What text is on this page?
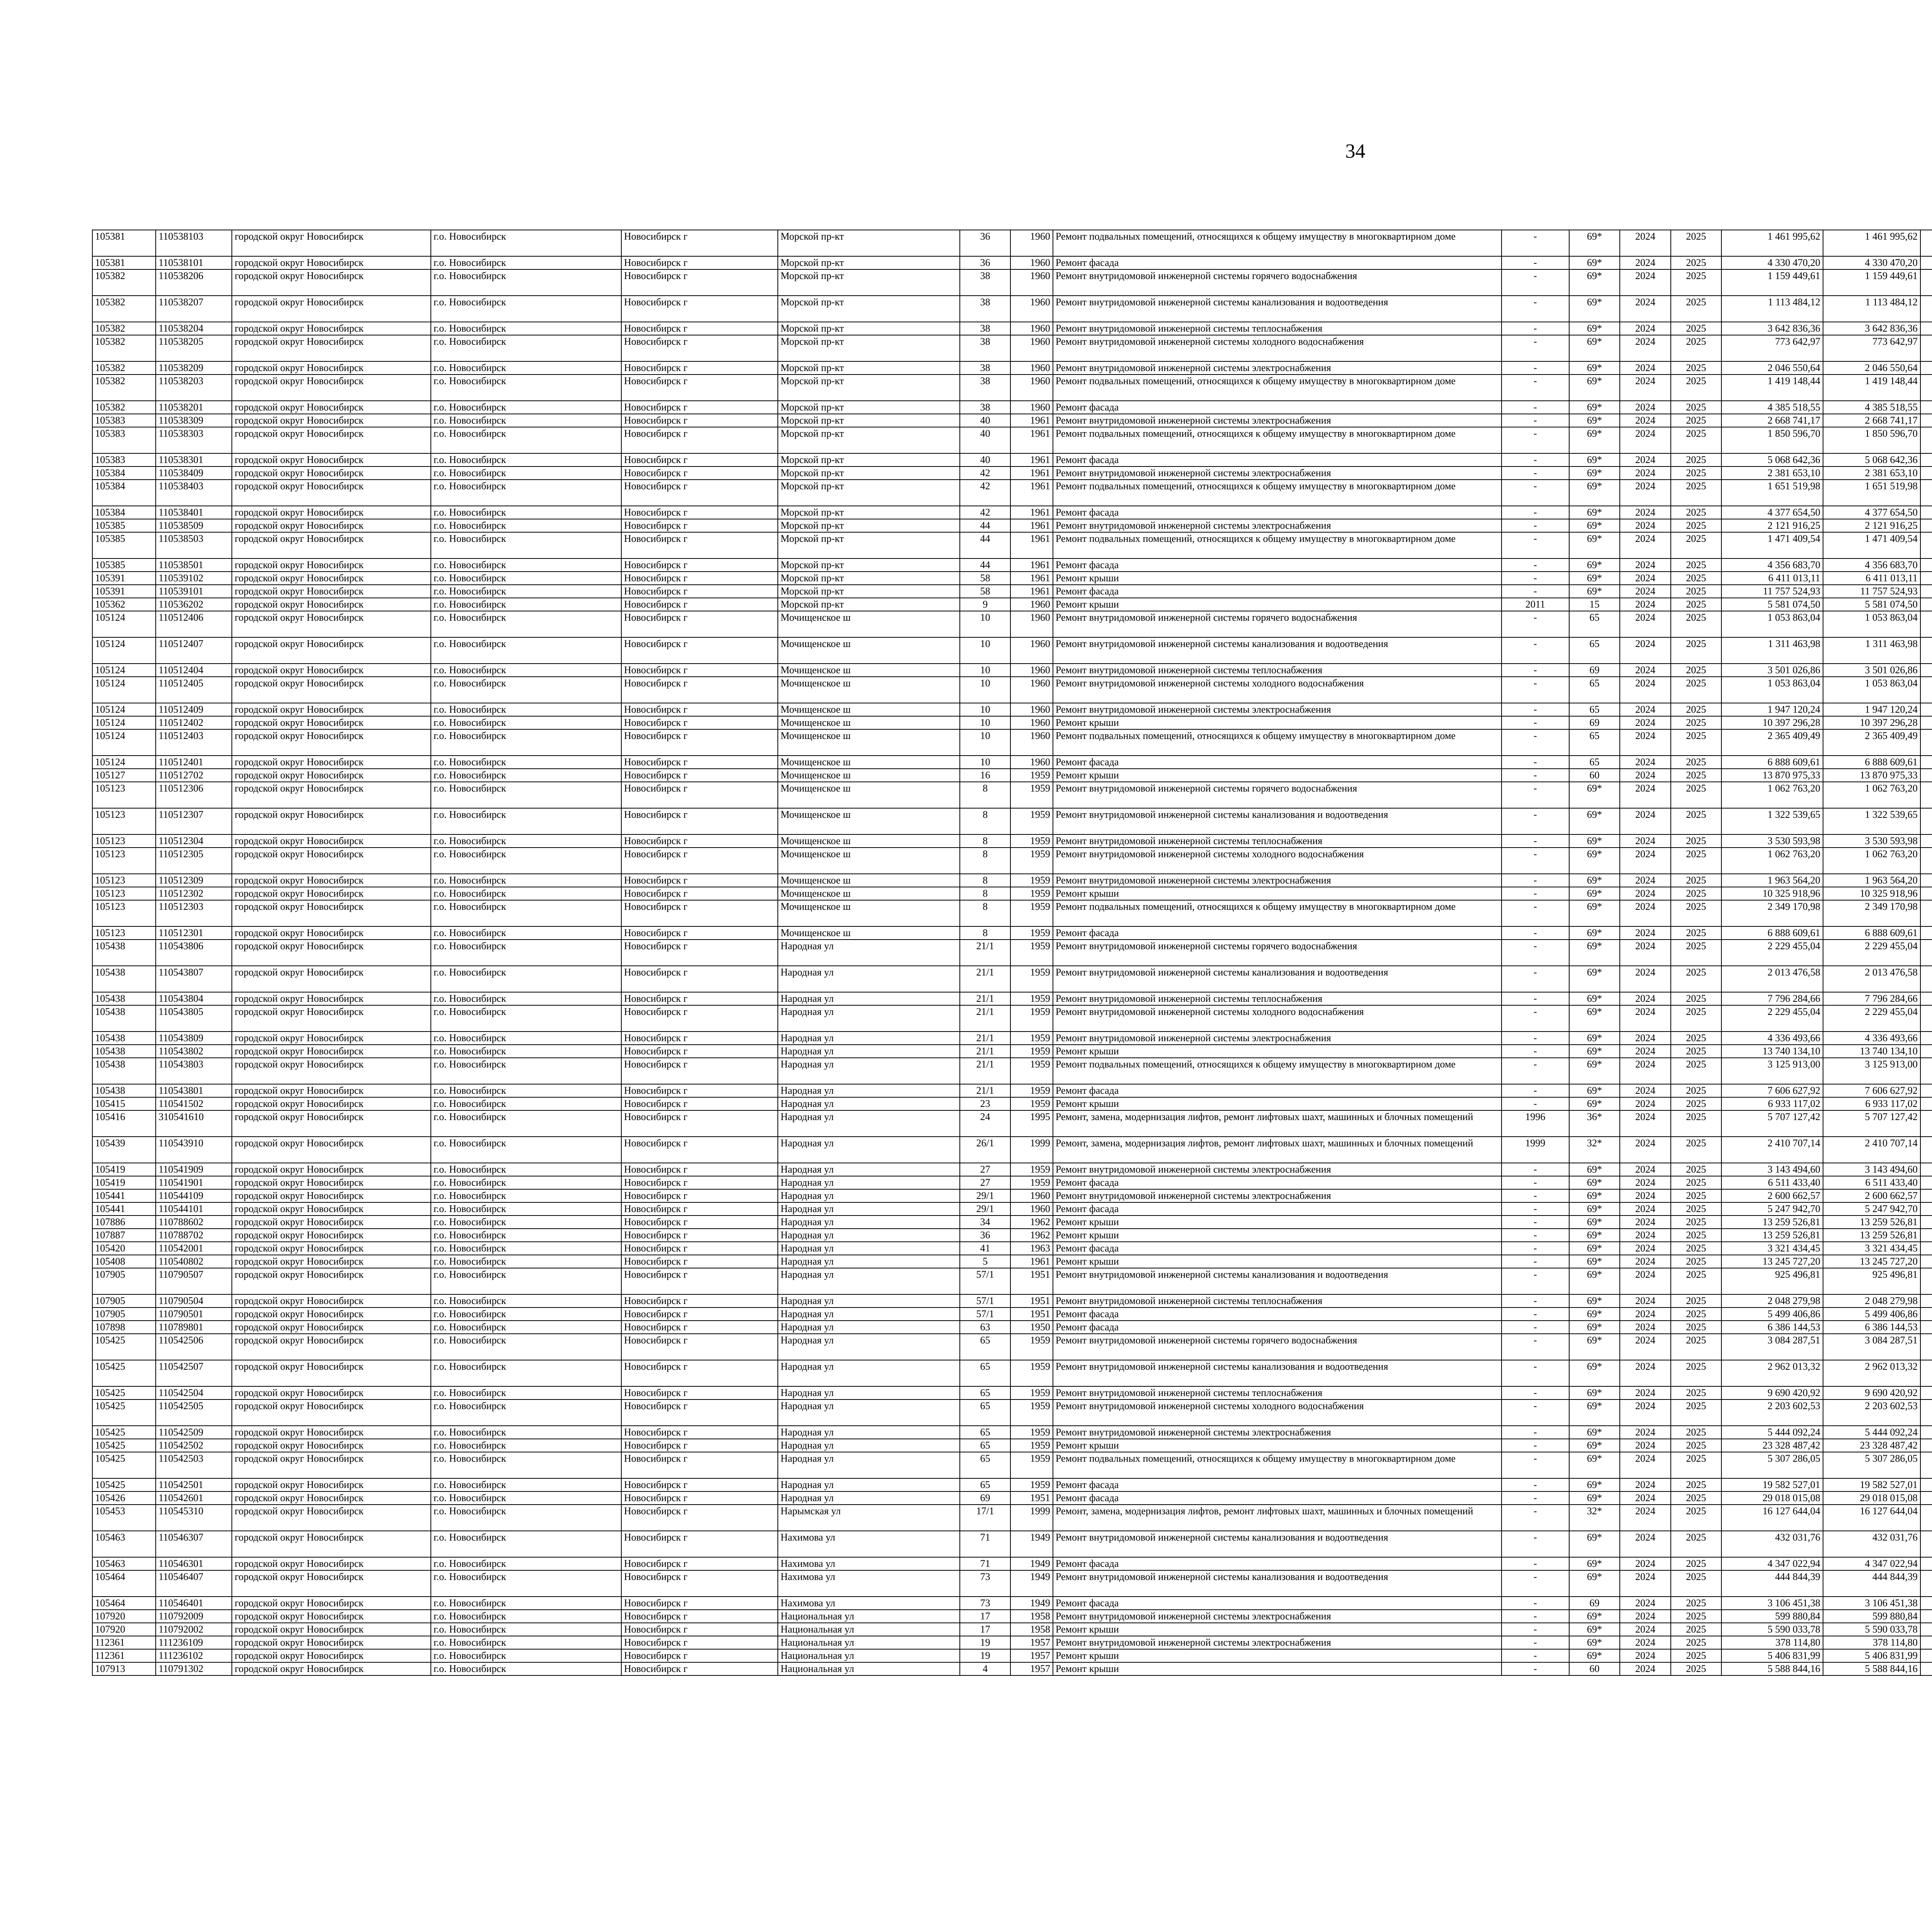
34
105381	110538103	городской округ Новосибирск	г.о. Новосибирск	Новосибирск г	Морской пр-кт	36	1960	Ремонт подвальных помещений, относящихся к общему имуществу в многоквартирном доме	-	69*	2024	2025	1 461 995,62	1 461 995,62						
105381	110538101	городской округ Новосибирск	г.о. Новосибирск	Новосибирск г	Морской пр-кт	36	1960	Ремонт фасада	-	69*	2024	2025	4 330 470,20	4 330 470,20						
105382	110538206	городской округ Новосибирск	г.о. Новосибирск	Новосибирск г	Морской пр-кт	38	1960	Ремонт внутридомовой инженерной системы горячего водоснабжения	-	69*	2024	2025	1 159 449,61	1 159 449,61						
105382	110538207	городской округ Новосибирск	г.о. Новосибирск	Новосибирск г	Морской пр-кт	38	1960	Ремонт внутридомовой инженерной системы канализования и водоотведения	-	69*	2024	2025	1 113 484,12	1 113 484,12						
105382	110538204	городской округ Новосибирск	г.о. Новосибирск	Новосибирск г	Морской пр-кт	38	1960	Ремонт внутридомовой инженерной системы теплоснабжения	-	69*	2024	2025	3 642 836,36	3 642 836,36						
105382	110538205	городской округ Новосибирск	г.о. Новосибирск	Новосибирск г	Морской пр-кт	38	1960	Ремонт внутридомовой инженерной системы холодного водоснабжения	-	69*	2024	2025	773 642,97	773 642,97						
105382	110538209	городской округ Новосибирск	г.о. Новосибирск	Новосибирск г	Морской пр-кт	38	1960	Ремонт внутридомовой инженерной системы электроснабжения	-	69*	2024	2025	2 046 550,64	2 046 550,64						
105382	110538203	городской округ Новосибирск	г.о. Новосибирск	Новосибирск г	Морской пр-кт	38	1960	Ремонт подвальных помещений, относящихся к общему имуществу в многоквартирном доме	-	69*	2024	2025	1 419 148,44	1 419 148,44						
105382	110538201	городской округ Новосибирск	г.о. Новосибирск	Новосибирск г	Морской пр-кт	38	1960	Ремонт фасада	-	69*	2024	2025	4 385 518,55	4 385 518,55						
105383	110538309	городской округ Новосибирск	г.о. Новосибирск	Новосибирск г	Морской пр-кт	40	1961	Ремонт внутридомовой инженерной системы электроснабжения	-	69*	2024	2025	2 668 741,17	2 668 741,17						
105383	110538303	городской округ Новосибирск	г.о. Новосибирск	Новосибирск г	Морской пр-кт	40	1961	Ремонт подвальных помещений, относящихся к общему имуществу в многоквартирном доме	-	69*	2024	2025	1 850 596,70	1 850 596,70						
105383	110538301	городской округ Новосибирск	г.о. Новосибирск	Новосибирск г	Морской пр-кт	40	1961	Ремонт фасада	-	69*	2024	2025	5 068 642,36	5 068 642,36						
105384	110538409	городской округ Новосибирск	г.о. Новосибирск	Новосибирск г	Морской пр-кт	42	1961	Ремонт внутридомовой инженерной системы электроснабжения	-	69*	2024	2025	2 381 653,10	2 381 653,10						
105384	110538403	городской округ Новосибирск	г.о. Новосибирск	Новосибирск г	Морской пр-кт	42	1961	Ремонт подвальных помещений, относящихся к общему имуществу в многоквартирном доме	-	69*	2024	2025	1 651 519,98	1 651 519,98						
105384	110538401	городской округ Новосибирск	г.о. Новосибирск	Новосибирск г	Морской пр-кт	42	1961	Ремонт фасада	-	69*	2024	2025	4 377 654,50	4 377 654,50						
105385	110538509	городской округ Новосибирск	г.о. Новосибирск	Новосибирск г	Морской пр-кт	44	1961	Ремонт внутридомовой инженерной системы электроснабжения	-	69*	2024	2025	2 121 916,25	2 121 916,25						
105385	110538503	городской округ Новосибирск	г.о. Новосибирск	Новосибирск г	Морской пр-кт	44	1961	Ремонт подвальных помещений, относящихся к общему имуществу в многоквартирном доме	-	69*	2024	2025	1 471 409,54	1 471 409,54						
105385	110538501	городской округ Новосибирск	г.о. Новосибирск	Новосибирск г	Морской пр-кт	44	1961	Ремонт фасада	-	69*	2024	2025	4 356 683,70	4 356 683,70						
105391	110539102	городской округ Новосибирск	г.о. Новосибирск	Новосибирск г	Морской пр-кт	58	1961	Ремонт крыши	-	69*	2024	2025	6 411 013,11	6 411 013,11						
105391	110539101	городской округ Новосибирск	г.о. Новосибирск	Новосибирск г	Морской пр-кт	58	1961	Ремонт фасада	-	69*	2024	2025	11 757 524,93	11 757 524,93						
105362	110536202	городской округ Новосибирск	г.о. Новосибирск	Новосибирск г	Морской пр-кт	9	1960	Ремонт крыши	2011	15	2024	2025	5 581 074,50	5 581 074,50						
105124	110512406	городской округ Новосибирск	г.о. Новосибирск	Новосибирск г	Мочищенское ш	10	1960	Ремонт внутридомовой инженерной системы горячего водоснабжения	-	65	2024	2025	1 053 863,04	1 053 863,04						
105124	110512407	городской округ Новосибирск	г.о. Новосибирск	Новосибирск г	Мочищенское ш	10	1960	Ремонт внутридомовой инженерной системы канализования и водоотведения	-	65	2024	2025	1 311 463,98	1 311 463,98						
105124	110512404	городской округ Новосибирск	г.о. Новосибирск	Новосибирск г	Мочищенское ш	10	1960	Ремонт внутридомовой инженерной системы теплоснабжения	-	69	2024	2025	3 501 026,86	3 501 026,86						
105124	110512405	городской округ Новосибирск	г.о. Новосибирск	Новосибирск г	Мочищенское ш	10	1960	Ремонт внутридомовой инженерной системы холодного водоснабжения	-	65	2024	2025	1 053 863,04	1 053 863,04						
105124	110512409	городской округ Новосибирск	г.о. Новосибирск	Новосибирск г	Мочищенское ш	10	1960	Ремонт внутридомовой инженерной системы электроснабжения	-	65	2024	2025	1 947 120,24	1 947 120,24						
105124	110512402	городской округ Новосибирск	г.о. Новосибирск	Новосибирск г	Мочищенское ш	10	1960	Ремонт крыши	-	69	2024	2025	10 397 296,28	10 397 296,28						
105124	110512403	городской округ Новосибирск	г.о. Новосибирск	Новосибирск г	Мочищенское ш	10	1960	Ремонт подвальных помещений, относящихся к общему имуществу в многоквартирном доме	-	65	2024	2025	2 365 409,49	2 365 409,49						
105124	110512401	городской округ Новосибирск	г.о. Новосибирск	Новосибирск г	Мочищенское ш	10	1960	Ремонт фасада	-	65	2024	2025	6 888 609,61	6 888 609,61						
105127	110512702	городской округ Новосибирск	г.о. Новосибирск	Новосибирск г	Мочищенское ш	16	1959	Ремонт крыши	-	60	2024	2025	13 870 975,33	13 870 975,33						
105123	110512306	городской округ Новосибирск	г.о. Новосибирск	Новосибирск г	Мочищенское ш	8	1959	Ремонт внутридомовой инженерной системы горячего водоснабжения	-	69*	2024	2025	1 062 763,20	1 062 763,20						
105123	110512307	городской округ Новосибирск	г.о. Новосибирск	Новосибирск г	Мочищенское ш	8	1959	Ремонт внутридомовой инженерной системы канализования и водоотведения	-	69*	2024	2025	1 322 539,65	1 322 539,65						
105123	110512304	городской округ Новосибирск	г.о. Новосибирск	Новосибирск г	Мочищенское ш	8	1959	Ремонт внутридомовой инженерной системы теплоснабжения	-	69*	2024	2025	3 530 593,98	3 530 593,98						
105123	110512305	городской округ Новосибирск	г.о. Новосибирск	Новосибирск г	Мочищенское ш	8	1959	Ремонт внутридомовой инженерной системы холодного водоснабжения	-	69*	2024	2025	1 062 763,20	1 062 763,20						
105123	110512309	городской округ Новосибирск	г.о. Новосибирск	Новосибирск г	Мочищенское ш	8	1959	Ремонт внутридомовой инженерной системы электроснабжения	-	69*	2024	2025	1 963 564,20	1 963 564,20						
105123	110512302	городской округ Новосибирск	г.о. Новосибирск	Новосибирск г	Мочищенское ш	8	1959	Ремонт крыши	-	69*	2024	2025	10 325 918,96	10 325 918,96						
105123	110512303	городской округ Новосибирск	г.о. Новосибирск	Новосибирск г	Мочищенское ш	8	1959	Ремонт подвальных помещений, относящихся к общему имуществу в многоквартирном доме	-	69*	2024	2025	2 349 170,98	2 349 170,98						
105123	110512301	городской округ Новосибирск	г.о. Новосибирск	Новосибирск г	Мочищенское ш	8	1959	Ремонт фасада	-	69*	2024	2025	6 888 609,61	6 888 609,61						
105438	110543806	городской округ Новосибирск	г.о. Новосибирск	Новосибирск г	Народная ул	21/1	1959	Ремонт внутридомовой инженерной системы горячего водоснабжения	-	69*	2024	2025	2 229 455,04	2 229 455,04						
105438	110543807	городской округ Новосибирск	г.о. Новосибирск	Новосибирск г	Народная ул	21/1	1959	Ремонт внутридомовой инженерной системы канализования и водоотведения	-	69*	2024	2025	2 013 476,58	2 013 476,58						
105438	110543804	городской округ Новосибирск	г.о. Новосибирск	Новосибирск г	Народная ул	21/1	1959	Ремонт внутридомовой инженерной системы теплоснабжения	-	69*	2024	2025	7 796 284,66	7 796 284,66						
105438	110543805	городской округ Новосибирск	г.о. Новосибирск	Новосибирск г	Народная ул	21/1	1959	Ремонт внутридомовой инженерной системы холодного водоснабжения	-	69*	2024	2025	2 229 455,04	2 229 455,04						
105438	110543809	городской округ Новосибирск	г.о. Новосибирск	Новосибирск г	Народная ул	21/1	1959	Ремонт внутридомовой инженерной системы электроснабжения	-	69*	2024	2025	4 336 493,66	4 336 493,66						
105438	110543802	городской округ Новосибирск	г.о. Новосибирск	Новосибирск г	Народная ул	21/1	1959	Ремонт крыши	-	69*	2024	2025	13 740 134,10	13 740 134,10						
105438	110543803	городской округ Новосибирск	г.о. Новосибирск	Новосибирск г	Народная ул	21/1	1959	Ремонт подвальных помещений, относящихся к общему имуществу в многоквартирном доме	-	69*	2024	2025	3 125 913,00	3 125 913,00						
105438	110543801	городской округ Новосибирск	г.о. Новосибирск	Новосибирск г	Народная ул	21/1	1959	Ремонт фасада	-	69*	2024	2025	7 606 627,92	7 606 627,92						
105415	110541502	городской округ Новосибирск	г.о. Новосибирск	Новосибирск г	Народная ул	23	1959	Ремонт крыши	-	69*	2024	2025	6 933 117,02	6 933 117,02						
105416	310541610	городской округ Новосибирск	г.о. Новосибирск	Новосибирск г	Народная ул	24	1995	Ремонт, замена, модернизация лифтов, ремонт лифтовых шахт, машинных и блочных помещений	1996	36*	2024	2025	5 707 127,42	5 707 127,42						
105439	110543910	городской округ Новосибирск	г.о. Новосибирск	Новосибирск г	Народная ул	26/1	1999	Ремонт, замена, модернизация лифтов, ремонт лифтовых шахт, машинных и блочных помещений	1999	32*	2024	2025	2 410 707,14	2 410 707,14						
105419	110541909	городской округ Новосибирск	г.о. Новосибирск	Новосибирск г	Народная ул	27	1959	Ремонт внутридомовой инженерной системы электроснабжения	-	69*	2024	2025	3 143 494,60	3 143 494,60						
105419	110541901	городской округ Новосибирск	г.о. Новосибирск	Новосибирск г	Народная ул	27	1959	Ремонт фасада	-	69*	2024	2025	6 511 433,40	6 511 433,40						
105441	110544109	городской округ Новосибирск	г.о. Новосибирск	Новосибирск г	Народная ул	29/1	1960	Ремонт внутридомовой инженерной системы электроснабжения	-	69*	2024	2025	2 600 662,57	2 600 662,57						
105441	110544101	городской округ Новосибирск	г.о. Новосибирск	Новосибирск г	Народная ул	29/1	1960	Ремонт фасада	-	69*	2024	2025	5 247 942,70	5 247 942,70						
107886	110788602	городской округ Новосибирск	г.о. Новосибирск	Новосибирск г	Народная ул	34	1962	Ремонт крыши	-	69*	2024	2025	13 259 526,81	13 259 526,81						
107887	110788702	городской округ Новосибирск	г.о. Новосибирск	Новосибирск г	Народная ул	36	1962	Ремонт крыши	-	69*	2024	2025	13 259 526,81	13 259 526,81						
105420	110542001	городской округ Новосибирск	г.о. Новосибирск	Новосибирск г	Народная ул	41	1963	Ремонт фасада	-	69*	2024	2025	3 321 434,45	3 321 434,45						
105408	110540802	городской округ Новосибирск	г.о. Новосибирск	Новосибирск г	Народная ул	5	1961	Ремонт крыши	-	69*	2024	2025	13 245 727,20	13 245 727,20						
107905	110790507	городской округ Новосибирск	г.о. Новосибирск	Новосибирск г	Народная ул	57/1	1951	Ремонт внутридомовой инженерной системы канализования и водоотведения	-	69*	2024	2025	925 496,81	925 496,81						
107905	110790504	городской округ Новосибирск	г.о. Новосибирск	Новосибирск г	Народная ул	57/1	1951	Ремонт внутридомовой инженерной системы теплоснабжения	-	69*	2024	2025	2 048 279,98	2 048 279,98						
107905	110790501	городской округ Новосибирск	г.о. Новосибирск	Новосибирск г	Народная ул	57/1	1951	Ремонт фасада	-	69*	2024	2025	5 499 406,86	5 499 406,86						
107898	110789801	городской округ Новосибирск	г.о. Новосибирск	Новосибирск г	Народная ул	63	1950	Ремонт фасада	-	69*	2024	2025	6 386 144,53	6 386 144,53						
105425	110542506	городской округ Новосибирск	г.о. Новосибирск	Новосибирск г	Народная ул	65	1959	Ремонт внутридомовой инженерной системы горячего водоснабжения	-	69*	2024	2025	3 084 287,51	3 084 287,51						
105425	110542507	городской округ Новосибирск	г.о. Новосибирск	Новосибирск г	Народная ул	65	1959	Ремонт внутридомовой инженерной системы канализования и водоотведения	-	69*	2024	2025	2 962 013,32	2 962 013,32						
105425	110542504	городской округ Новосибирск	г.о. Новосибирск	Новосибирск г	Народная ул	65	1959	Ремонт внутридомовой инженерной системы теплоснабжения	-	69*	2024	2025	9 690 420,92	9 690 420,92						
105425	110542505	городской округ Новосибирск	г.о. Новосибирск	Новосибирск г	Народная ул	65	1959	Ремонт внутридомовой инженерной системы холодного водоснабжения	-	69*	2024	2025	2 203 602,53	2 203 602,53						
105425	110542509	городской округ Новосибирск	г.о. Новосибирск	Новосибирск г	Народная ул	65	1959	Ремонт внутридомовой инженерной системы электроснабжения	-	69*	2024	2025	5 444 092,24	5 444 092,24						
105425	110542502	городской округ Новосибирск	г.о. Новосибирск	Новосибирск г	Народная ул	65	1959	Ремонт крыши	-	69*	2024	2025	23 328 487,42	23 328 487,42						
105425	110542503	городской округ Новосибирск	г.о. Новосибирск	Новосибирск г	Народная ул	65	1959	Ремонт подвальных помещений, относящихся к общему имуществу в многоквартирном доме	-	69*	2024	2025	5 307 286,05	5 307 286,05						
105425	110542501	городской округ Новосибирск	г.о. Новосибирск	Новосибирск г	Народная ул	65	1959	Ремонт фасада	-	69*	2024	2025	19 582 527,01	19 582 527,01						
105426	110542601	городской округ Новосибирск	г.о. Новосибирск	Новосибирск г	Народная ул	69	1951	Ремонт фасада	-	69*	2024	2025	29 018 015,08	29 018 015,08						
105453	110545310	городской округ Новосибирск	г.о. Новосибирск	Новосибирск г	Нарымская ул	17/1	1999	Ремонт, замена, модернизация лифтов, ремонт лифтовых шахт, машинных и блочных помещений	-	32*	2024	2025	16 127 644,04	16 127 644,04						
105463	110546307	городской округ Новосибирск	г.о. Новосибирск	Новосибирск г	Нахимова ул	71	1949	Ремонт внутридомовой инженерной системы канализования и водоотведения	-	69*	2024	2025	432 031,76	432 031,76						
105463	110546301	городской округ Новосибирск	г.о. Новосибирск	Новосибирск г	Нахимова ул	71	1949	Ремонт фасада	-	69*	2024	2025	4 347 022,94	4 347 022,94						
105464	110546407	городской округ Новосибирск	г.о. Новосибирск	Новосибирск г	Нахимова ул	73	1949	Ремонт внутридомовой инженерной системы канализования и водоотведения	-	69*	2024	2025	444 844,39	444 844,39						
105464	110546401	городской округ Новосибирск	г.о. Новосибирск	Новосибирск г	Нахимова ул	73	1949	Ремонт фасада	-	69	2024	2025	3 106 451,38	3 106 451,38						
107920	110792009	городской округ Новосибирск	г.о. Новосибирск	Новосибирск г	Национальная ул	17	1958	Ремонт внутридомовой инженерной системы электроснабжения	-	69*	2024	2025	599 880,84	599 880,84						
107920	110792002	городской округ Новосибирск	г.о. Новосибирск	Новосибирск г	Национальная ул	17	1958	Ремонт крыши	-	69*	2024	2025	5 590 033,78	5 590 033,78						
112361	111236109	городской округ Новосибирск	г.о. Новосибирск	Новосибирск г	Национальная ул	19	1957	Ремонт внутридомовой инженерной системы электроснабжения	-	69*	2024	2025	378 114,80	378 114,80						
112361	111236102	городской округ Новосибирск	г.о. Новосибирск	Новосибирск г	Национальная ул	19	1957	Ремонт крыши	-	69*	2024	2025	5 406 831,99	5 406 831,99						
107913	110791302	городской округ Новосибирск	г.о. Новосибирск	Новосибирск г	Национальная ул	4	1957	Ремонт крыши	-	60	2024	2025	5 588 844,16	5 588 844,16						
